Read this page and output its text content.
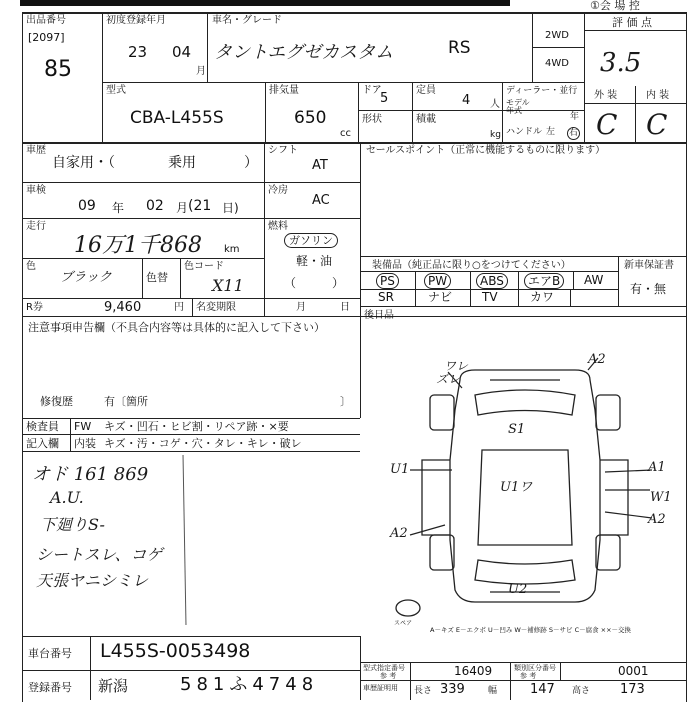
①会 場 控
出品番号
[2097]
85
初度登録年月
23 04
月
車名・グレード
タントエグゼカスタム	RS
2WD
4WD
評 価 点
3.5
外 装	内 装
C C
型式
CBA-L455S
排気量
650
cc
ドア
5
形状
定員
4 人
積載
kg
ディーラー・並行
モデル年式
年
ハンドル 左 右
車歴
自家用・（	乗用	）
シフト
AT
車検
09 年 02 月 (21 日)
冷房
AC
走行
16万1千868 km
燃料
ガソリン
軽・油
（　　　）
色
ブラック	色替
色コード
X11
R券	9,460	円 名変期限	月	日
セールスポイント（正常に機能するものに限ります）
装備品（純正品に限り○をつけてください）	新車保証書
有・無
PS	PW	ABS	エアB	AW
SR	ナビ TV	カワ
後日品
注意事項申告欄（不具合内容等は具体的に記入して下さい）
修復歴	有〔箇所	〕
検査員
記入欄
FW
内装
キズ・凹石・ヒビ割・リペア跡・×要
キズ・汚・コゲ・穴・タレ・キレ・破レ
オド 161 869
A.U.
下廻りS-
シートスレ、コゲ
天張ヤニシミレ
ワレ
ズレ
A2
S1
U1
U1ワ
A1
W1
A2
A2
U2
スペア
A－キズ E－エクボ U－凹み W－補修跡 S－サビ C－腐食 ××－交換
車台番号 L455S-0053498
登録番号 新潟	581ふ4748
型式指定番号
参 考	16409	類別区分番号
参 考	0001
車歴証明用 長さ 339	幅	147 高さ 173
